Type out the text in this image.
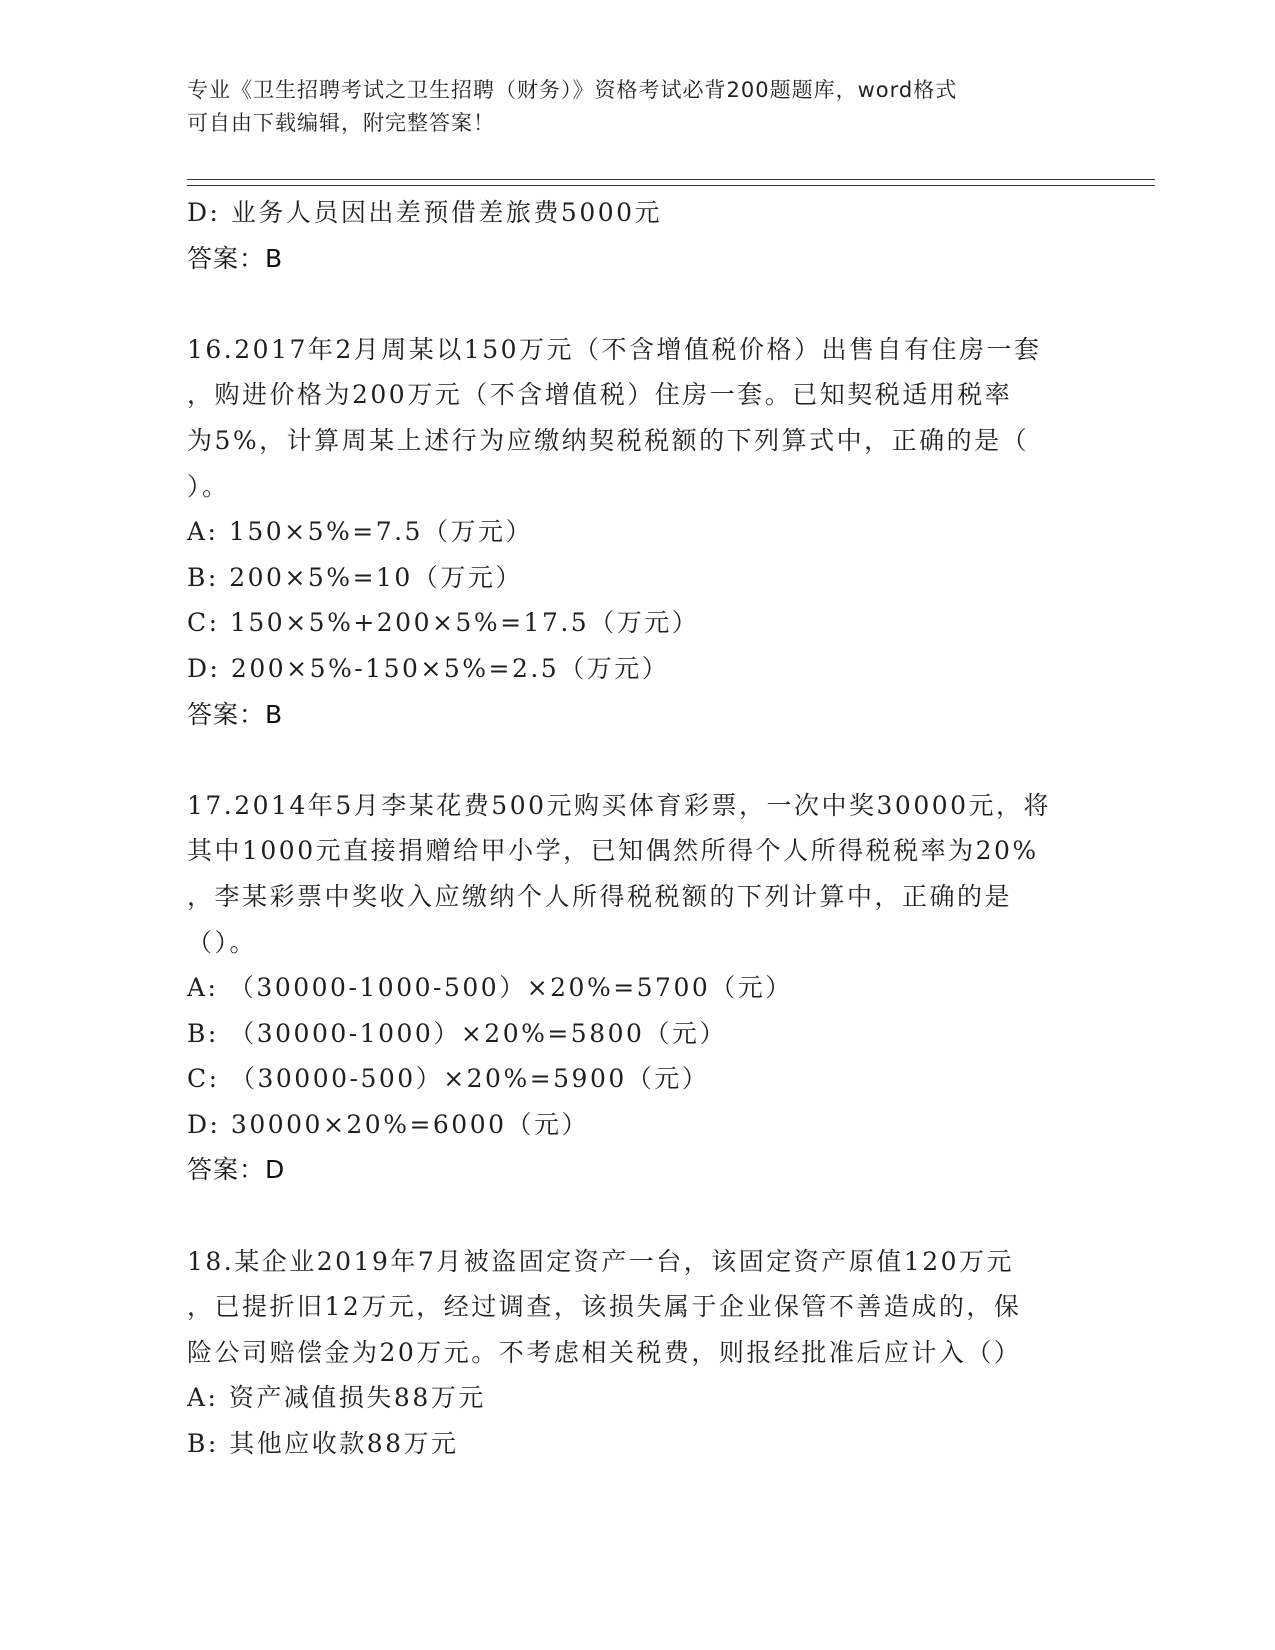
专业《卫生招聘考试之卫生招聘（财务）》资格考试必背200题题库，word格式
可自由下载编辑，附完整答案！
D: 业务人员因出差预借差旅费5000元
答案：B
16.2017年2月周某以150万元（不含增值税价格）出售自有住房一套
，购进价格为200万元（不含增值税）住房一套。已知契税适用税率
为5%，计算周某上述行为应缴纳契税税额的下列算式中，正确的是（
）。
A: 150×5%=7.5（万元）
B: 200×5%=10（万元）
C: 150×5%+200×5%=17.5（万元）
D: 200×5%-150×5%=2.5（万元）
答案：B
17.2014年5月李某花费500元购买体育彩票，一次中奖30000元，将
其中1000元直接捐赠给甲小学，已知偶然所得个人所得税税率为20%
，李某彩票中奖收入应缴纳个人所得税税额的下列计算中，正确的是
（）。
A: （30000-1000-500）×20%=5700（元）
B: （30000-1000）×20%=5800（元）
C: （30000-500）×20%=5900（元）
D: 30000×20%=6000（元）
答案：D
18.某企业2019年7月被盗固定资产一台，该固定资产原值120万元
，已提折旧12万元，经过调查，该损失属于企业保管不善造成的，保
险公司赔偿金为20万元。不考虑相关税费，则报经批准后应计入（）
A: 资产减值损失88万元
B: 其他应收款88万元
